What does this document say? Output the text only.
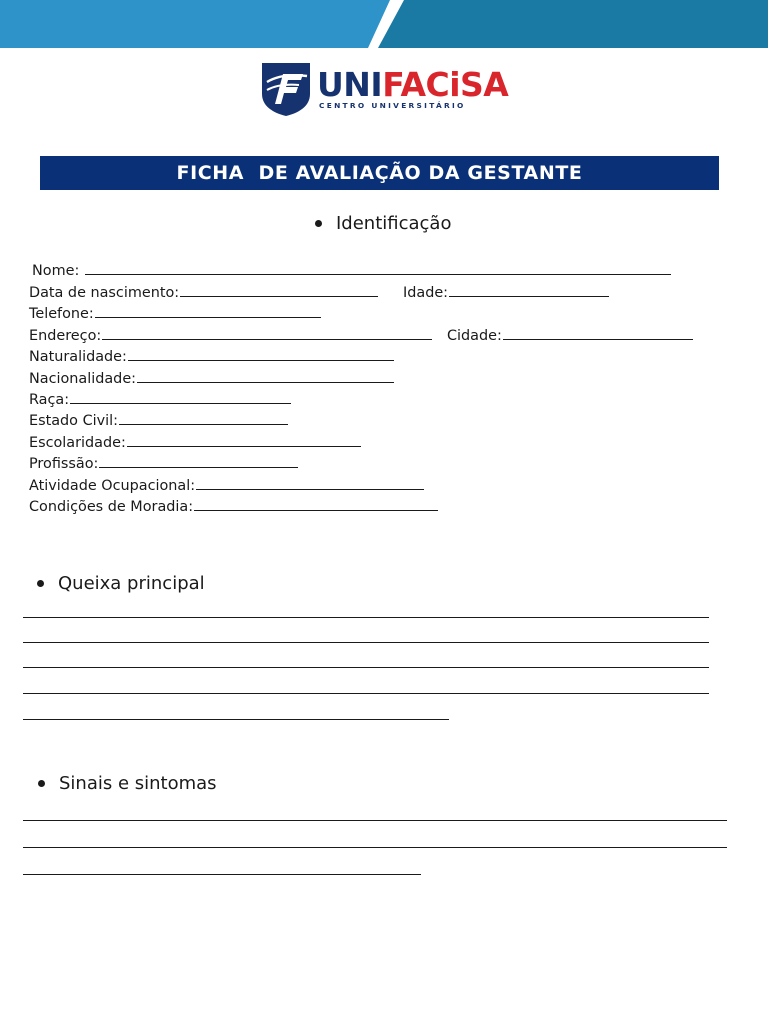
UNIFACiSA
CENTRO UNIVERSITÁRIO
FICHA  DE AVALIAÇÃO DA GESTANTE
Identificação
Nome:
Data de nascimento:	Idade:
Telefone:
Endereço:	Cidade:
Naturalidade:
Nacionalidade:
Raça:
Estado Civil:
Escolaridade:
Profissão:
Atividade Ocupacional:
Condições de Moradia:
Queixa principal
Sinais e sintomas
